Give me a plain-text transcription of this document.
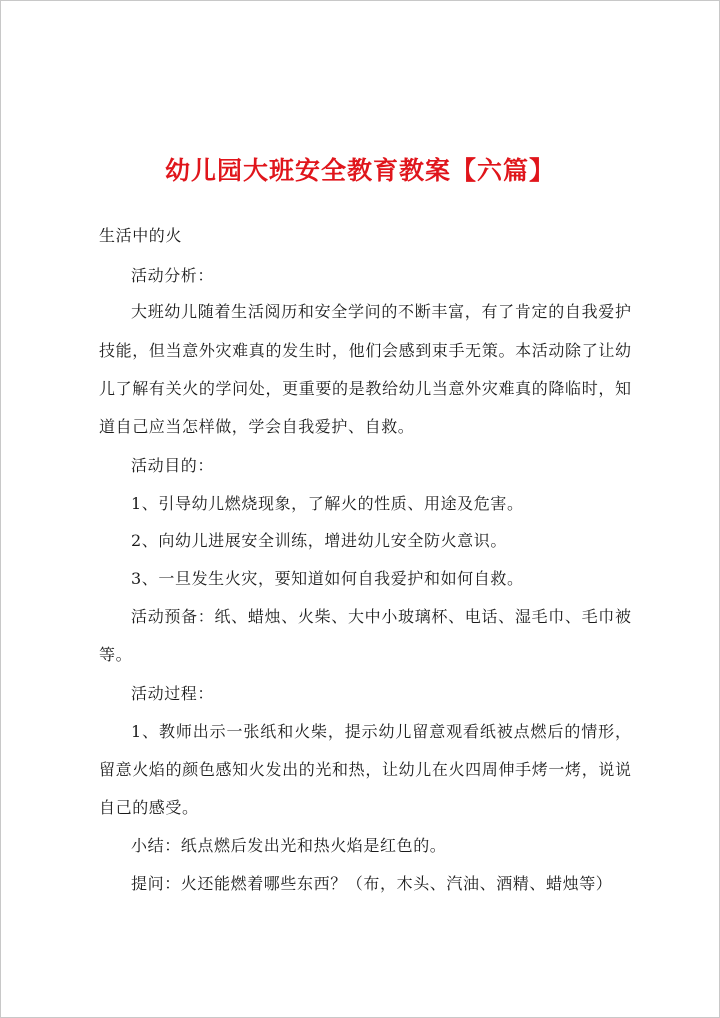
幼儿园大班安全教育教案【六篇】
生活中的火
活动分析：
大班幼儿随着生活阅历和安全学问的不断丰富，有了肯定的自我爱护
技能，但当意外灾难真的发生时，他们会感到束手无策。本活动除了让幼
儿了解有关火的学问处，更重要的是教给幼儿当意外灾难真的降临时，知
道自己应当怎样做，学会自我爱护、自救。
活动目的：
1、引导幼儿燃烧现象，了解火的性质、用途及危害。
2、向幼儿进展安全训练，增进幼儿安全防火意识。
3、一旦发生火灾，要知道如何自我爱护和如何自救。
活动预备：纸、蜡烛、火柴、大中小玻璃杯、电话、湿毛巾、毛巾被
等。
活动过程：
1、教师出示一张纸和火柴，提示幼儿留意观看纸被点燃后的情形，
留意火焰的颜色感知火发出的光和热，让幼儿在火四周伸手烤一烤，说说
自己的感受。
小结：纸点燃后发出光和热火焰是红色的。
提问：火还能燃着哪些东西？（布，木头、汽油、酒精、蜡烛等）
